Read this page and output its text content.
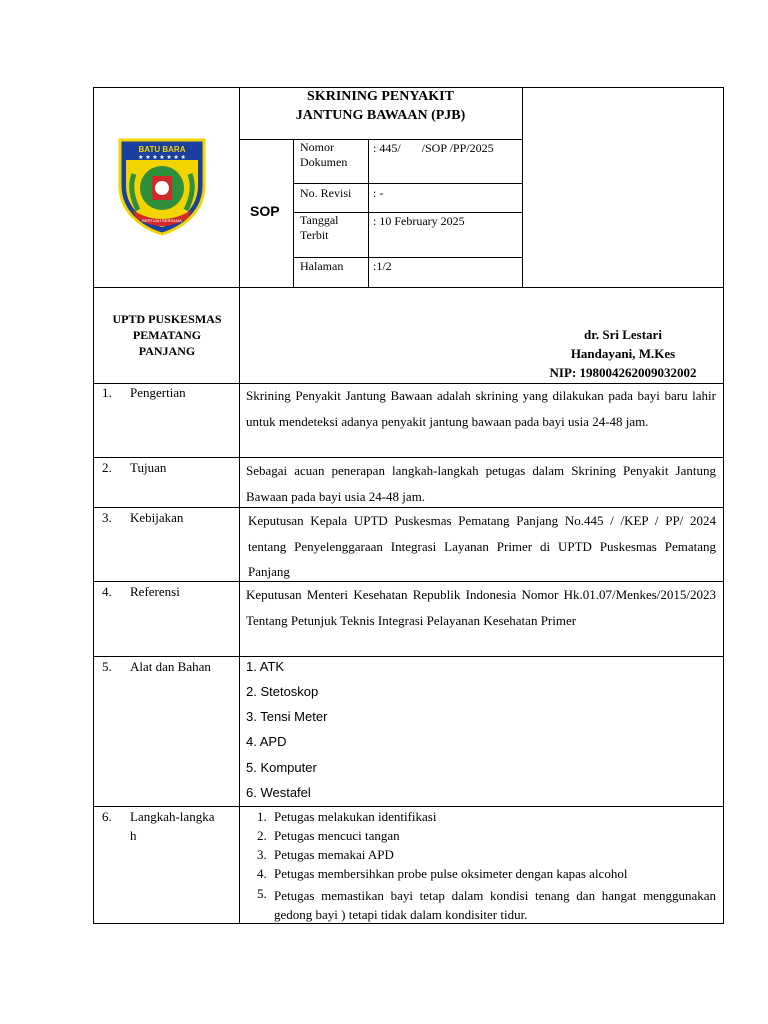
BATU BARA
★ ★ ★ ★ ★ ★ ★
BERTUAH BERSAMA
SKRINING PENYAKIT
JANTUNG BAWAAN (PJB)
SOP
Nomor Dokumen
: 445/       /SOP /PP/2025
No. Revisi : -
Tanggal Terbit
: 10 February 2025
Halaman :1/2
UPTD PUSKESMAS PEMATANG PANJANG
dr. Sri Lestari
Handayani, M.Kes
NIP: 198004262009032002
1. Pengertian	Skrining Penyakit Jantung Bawaan adalah skrining yang dilakukan pada bayi baru lahir untuk mendeteksi adanya penyakit jantung bawaan pada bayi usia 24-48 jam.
2. Tujuan	Sebagai acuan penerapan langkah-langkah petugas dalam Skrining Penyakit Jantung Bawaan pada bayi usia 24-48 jam.
3. Kebijakan	Keputusan Kepala UPTD Puskesmas Pematang Panjang No.445 / /KEP / PP/ 2024 tentang Penyelenggaraan Integrasi Layanan Primer di UPTD Puskesmas Pematang Panjang
4. Referensi	Keputusan Menteri Kesehatan Republik Indonesia Nomor Hk.01.07/Menkes/2015/2023 Tentang Petunjuk Teknis Integrasi Pelayanan Kesehatan Primer
5. Alat dan Bahan	1. ATK
2. Stetoskop
3. Tensi Meter
4. APD
5. Komputer
6. Westafel
6. Langkah-langka
h
1. Petugas melakukan identifikasi
2. Petugas mencuci tangan
3. Petugas memakai APD
4. Petugas membersihkan probe pulse oksimeter dengan kapas alcohol
5. Petugas memastikan bayi tetap dalam kondisi tenang dan hangat menggunakan gedong bayi ) tetapi tidak dalam kondisiter tidur.
